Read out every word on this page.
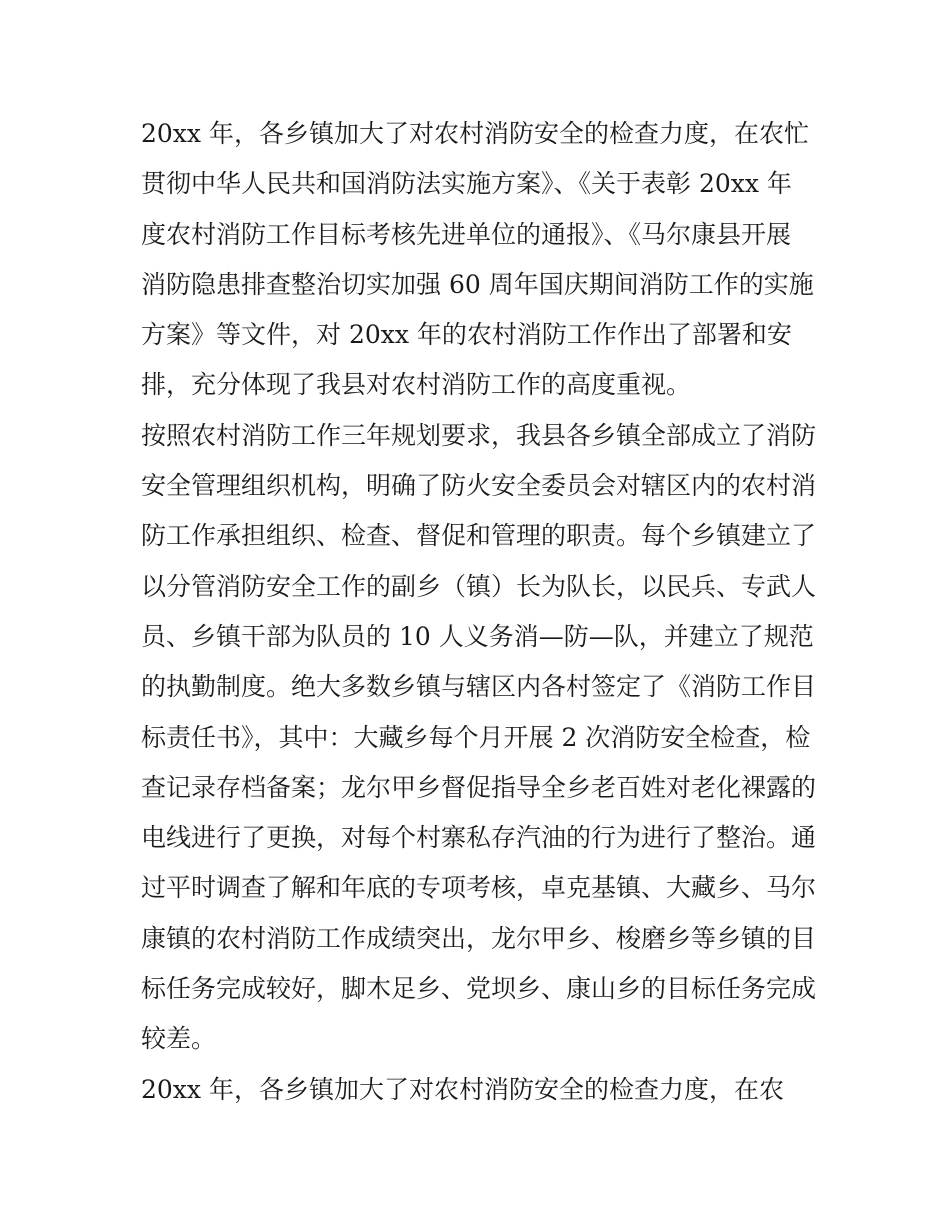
20xx 年，各乡镇加大了对农村消防安全的检查力度，在农忙
贯彻中华人民共和国消防法实施方案》、《关于表彰 20xx 年
度农村消防工作目标考核先进单位的通报》、《马尔康县开展
消防隐患排查整治切实加强 60 周年国庆期间消防工作的实施
方案》等文件，对 20xx 年的农村消防工作作出了部署和安
排，充分体现了我县对农村消防工作的高度重视。
按照农村消防工作三年规划要求，我县各乡镇全部成立了消防
安全管理组织机构，明确了防火安全委员会对辖区内的农村消
防工作承担组织、检查、督促和管理的职责。每个乡镇建立了
以分管消防安全工作的副乡（镇）长为队长，以民兵、专武人
员、乡镇干部为队员的 10 人义务消—防—队，并建立了规范
的执勤制度。绝大多数乡镇与辖区内各村签定了《消防工作目
标责任书》，其中：大藏乡每个月开展 2 次消防安全检查，检
查记录存档备案；龙尔甲乡督促指导全乡老百姓对老化裸露的
电线进行了更换，对每个村寨私存汽油的行为进行了整治。通
过平时调查了解和年底的专项考核，卓克基镇、大藏乡、马尔
康镇的农村消防工作成绩突出，龙尔甲乡、梭磨乡等乡镇的目
标任务完成较好，脚木足乡、党坝乡、康山乡的目标任务完成
较差。
20xx 年，各乡镇加大了对农村消防安全的检查力度，在农
